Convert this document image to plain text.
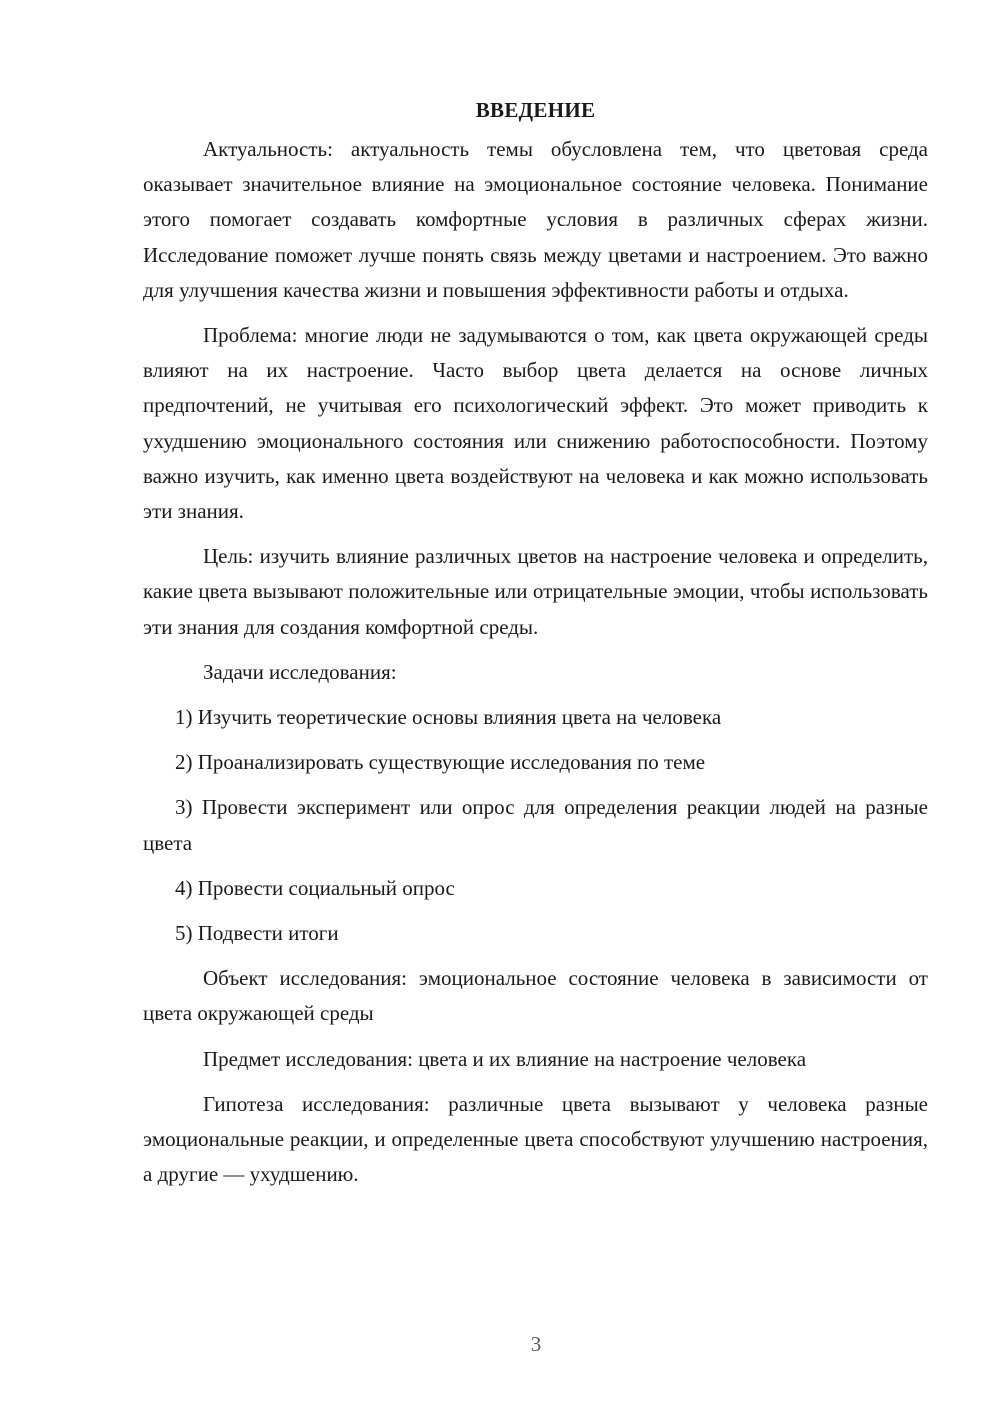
ВВЕДЕНИЕ

Актуальность: актуальность темы обусловлена тем, что цветовая среда оказывает значительное влияние на эмоциональное состояние человека. Понимание этого помогает создавать комфортные условия в различных сферах жизни. Исследование поможет лучше понять связь между цветами и настроением. Это важно для улучшения качества жизни и повышения эффективности работы и отдыха.

Проблема: многие люди не задумываются о том, как цвета окружающей среды влияют на их настроение. Часто выбор цвета делается на основе личных предпочтений, не учитывая его психологический эффект. Это может приводить к ухудшению эмоционального состояния или снижению работоспособности. Поэтому важно изучить, как именно цвета воздействуют на человека и как можно использовать эти знания.

Цель: изучить влияние различных цветов на настроение человека и определить, какие цвета вызывают положительные или отрицательные эмоции, чтобы использовать эти знания для создания комфортной среды.

Задачи исследования:

1) Изучить теоретические основы влияния цвета на человека

2) Проанализировать существующие исследования по теме

3) Провести эксперимент или опрос для определения реакции людей на разные цвета

4) Провести социальный опрос

5) Подвести итоги

Объект исследования: эмоциональное состояние человека в зависимости от цвета окружающей среды

Предмет исследования: цвета и их влияние на настроение человека

Гипотеза исследования: различные цвета вызывают у человека разные эмоциональные реакции, и определенные цвета способствуют улучшению настроения, а другие — ухудшению.

3
